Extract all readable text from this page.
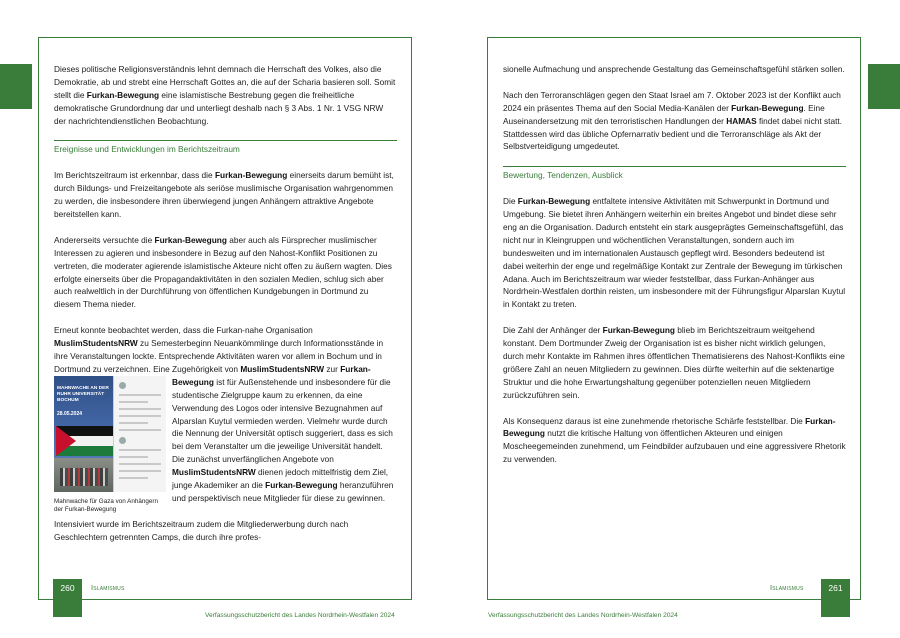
Dieses politische Religionsverständnis lehnt demnach die Herrschaft des Volkes, also die Demokratie, ab und strebt eine Herrschaft Gottes an, die auf der Scharia basieren soll. Somit stellt die Furkan-Bewegung eine islamistische Bestrebung gegen die freiheitliche demokratische Grundordnung dar und unterliegt deshalb nach § 3 Abs. 1 Nr. 1 VSG NRW der nachrichtendienstlichen Beobachtung.

Ereignisse und Entwicklungen im Berichtszeitraum

Im Berichtszeitraum ist erkennbar, dass die Furkan-Bewegung einerseits darum bemüht ist, durch Bildungs- und Freizeitangebote als seriöse muslimische Organisation wahrgenommen zu werden, die insbesondere ihren überwiegend jungen Anhängern attraktive Angebote bereitstellen kann.

Andererseits versuchte die Furkan-Bewegung aber auch als Fürsprecher muslimischer Interessen zu agieren und insbesondere in Bezug auf den Nahost-Konflikt Positionen zu vertreten, die moderater agierende islamistische Akteure nicht offen zu äußern wagten. Dies erfolgte einerseits über die Propagandaktivitäten in den sozialen Medien, schlug sich aber auch realweltlich in der Durchführung von öffentlichen Kundgebungen in Dortmund zu diesem Thema nieder.

Erneut konnte beobachtet werden, dass die Furkan-nahe Organisation MuslimStudentsNRW zu Semesterbeginn Neuankömmlinge durch Informationsstände in ihre Veranstaltungen lockte. Entsprechende Aktivitäten waren vor allem in Bochum und in Dortmund zu verzeichnen. Eine Zugehörigkeit von MuslimStudentsNRW zur Furkan-Bewegung
MAHNWACHE AN DER RUHR UNIVERSITÄT BOCHUM
28.05.2024
Mahnwache für Gaza von Anhängern der Furkan-Bewegung
ist für Außenstehende und insbesondere für die studentische Zielgruppe kaum zu erkennen, da eine Verwendung des Logos oder intensive Bezugnahmen auf Alparslan Kuytul vermieden werden. Vielmehr wurde durch die Nennung der Universität optisch suggeriert, dass es sich bei dem Veranstalter um die jeweilige Universität handelt. Die zunächst unverfänglichen Angebote von MuslimStudentsNRW dienen jedoch mittelfristig dem Ziel, junge Akademiker an die Furkan-Bewegung heranzuführen und perspektivisch neue Mitglieder für diese zu gewinnen.

Intensiviert wurde im Berichtszeitraum zudem die Mitgliederwerbung durch nach Geschlechtern getrennten Camps, die durch ihre profes-

sionelle Aufmachung und ansprechende Gestaltung das Gemeinschaftsgefühl stärken sollen.

Nach den Terroranschlägen gegen den Staat Israel am 7. Oktober 2023 ist der Konflikt auch 2024 ein präsentes Thema auf den Social Media-Kanälen der Furkan-Bewegung. Eine Auseinandersetzung mit den terroristischen Handlungen der HAMAS findet dabei nicht statt. Stattdessen wird das übliche Opfernarrativ bedient und die Terroranschläge als Akt der Selbstverteidigung umgedeutet.

Bewertung, Tendenzen, Ausblick

Die Furkan-Bewegung entfaltete intensive Aktivitäten mit Schwerpunkt in Dortmund und Umgebung. Sie bietet ihren Anhängern weiterhin ein breites Angebot und bindet diese sehr eng an die Organisation. Dadurch entsteht ein stark ausgeprägtes Gemeinschaftsgefühl, das nicht nur in Kleingruppen und wöchentlichen Veranstaltungen, sondern auch im bundesweiten und im internationalen Austausch gepflegt wird. Besonders bedeutend ist dabei weiterhin der enge und regelmäßige Kontakt zur Zentrale der Bewegung im türkischen Adana. Auch im Berichtszeitraum war wieder feststellbar, dass Furkan-Anhänger aus Nordrhein-Westfalen dorthin reisten, um insbesondere mit der Führungsfigur Alparslan Kuytul in Kontakt zu treten.

Die Zahl der Anhänger der Furkan-Bewegung blieb im Berichtszeitraum weitgehend konstant. Dem Dortmunder Zweig der Organisation ist es bisher nicht wirklich gelungen, durch mehr Kontakte im Rahmen ihres öffentlichen Thematisierens des Nahost-Konflikts eine größere Zahl an neuen Mitgliedern zu gewinnen. Dies dürfte weiterhin auf die sektenartige Struktur und die hohe Erwartungshaltung gegenüber potenziellen neuen Mitgliedern zurückzuführen sein.

Als Konsequenz daraus ist eine zunehmende rhetorische Schärfe feststellbar. Die Furkan-Bewegung nutzt die kritische Haltung von öffentlichen Akteuren und einigen Moscheegemeinden zunehmend, um Feindbilder aufzubauen und eine aggressivere Rhetorik zu verwenden.

260	Islamismus
Verfassungsschutzbericht des Landes Nordrhein-Westfalen 2024
261
Islamismus
Verfassungsschutzbericht des Landes Nordrhein-Westfalen 2024
